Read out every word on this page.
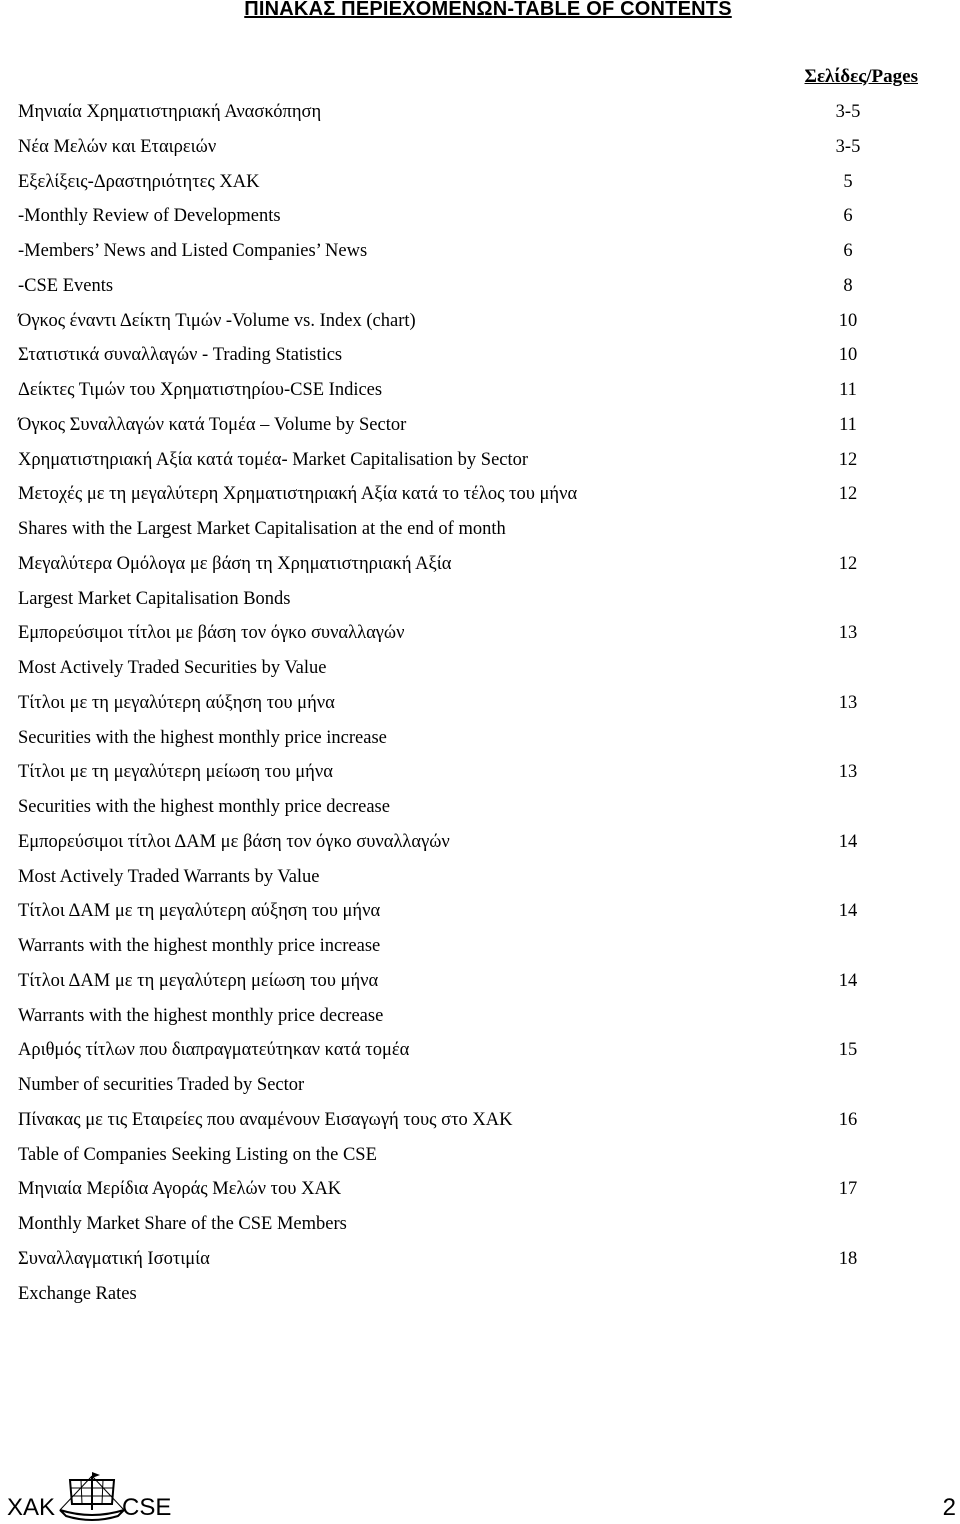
ΠΙΝΑΚΑΣ ΠΕΡΙΕΧΟΜΕΝΩΝ-TABLE OF CONTENTS
Σελίδες/Pages
Μηνιαία Χρηματιστηριακή Ανασκόπηση	3-5
Νέα Μελών και Εταιρειών	3-5
Εξελίξεις-Δραστηριότητες ΧΑΚ	5
-Monthly Review of Developments	6
-Members’ News and Listed Companies’ News	6
-CSE Events	8
Όγκος έναντι Δείκτη Τιμών -Volume vs. Index (chart)	10
Στατιστικά συναλλαγών - Trading Statistics	10
Δείκτες Τιμών του Χρηματιστηρίου-CSE Indices	11
Όγκος Συναλλαγών κατά Τομέα – Volume by Sector	11
Χρηματιστηριακή Αξία κατά τομέα- Market Capitalisation by Sector	12
Μετοχές με τη μεγαλύτερη Χρηματιστηριακή Αξία κατά το τέλος του μήνα	12
Shares with the Largest Market Capitalisation at the end of month
Μεγαλύτερα Ομόλογα με βάση τη Χρηματιστηριακή Αξία	12
Largest Market Capitalisation Bonds
Εμπορεύσιμοι τίτλοι με βάση τον όγκο συναλλαγών	13
Most Actively Traded Securities by Value
Τίτλοι με τη μεγαλύτερη αύξηση του μήνα	13
Securities with the highest monthly price increase
Τίτλοι με τη μεγαλύτερη μείωση του μήνα	13
Securities with the highest monthly price decrease
Εμπορεύσιμοι τίτλοι ΔΑΜ με βάση τον όγκο συναλλαγών	14
Most Actively Traded Warrants by Value
Τίτλοι ΔΑΜ με τη μεγαλύτερη αύξηση του μήνα	14
Warrants with the highest monthly price increase
Τίτλοι ΔΑΜ με τη μεγαλύτερη μείωση του μήνα	14
Warrants with the highest monthly price decrease
Αριθμός τίτλων που διαπραγματεύτηκαν κατά τομέα	15
Number of securities Traded by Sector
Πίνακας με τις Εταιρείες που αναμένουν Εισαγωγή τους στο ΧΑΚ	16
Table of Companies Seeking Listing on the CSE
Μηνιαία Μερίδια Αγοράς Μελών του ΧΑΚ	17
Monthly Market Share of the CSE Members
Συναλλαγματική Ισοτιμία	18
Exchange Rates
ΧΑΚ	CSE	2
